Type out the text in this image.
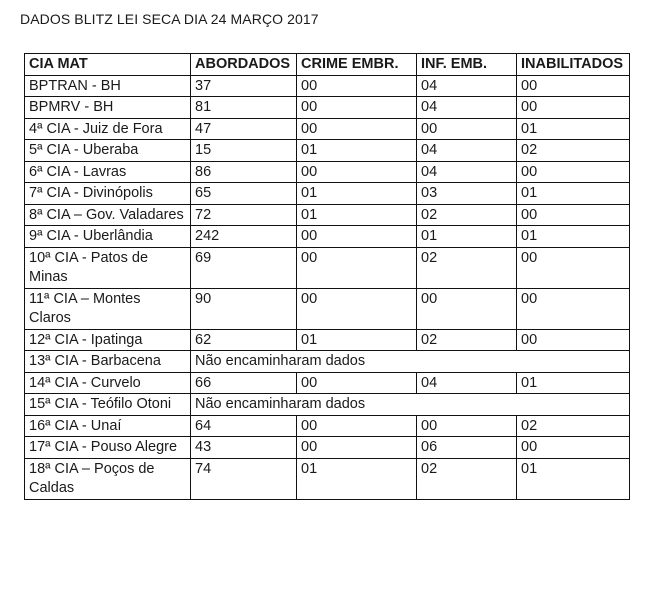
DADOS BLITZ LEI SECA DIA 24 MARÇO 2017
CIA MAT	ABORDADOS	CRIME EMBR.	INF. EMB.	INABILITADOS
BPTRAN - BH	37	00	04	00
BPMRV - BH	81	00	04	00
4ª CIA - Juiz de Fora	47	00	00	01
5ª CIA - Uberaba	15	01	04	02
6ª CIA - Lavras	86	00	04	00
7ª CIA - Divinópolis	65	01	03	01
8ª CIA – Gov. Valadares	72	01	02	00
9ª CIA - Uberlândia	242	00	01	01
10ª CIA - Patos de Minas	69	00	02	00
11ª CIA – Montes Claros	90	00	00	00
12ª CIA - Ipatinga	62	01	02	00
13ª CIA - Barbacena	Não encaminharam dados			
14ª CIA - Curvelo	66	00	04	01
15ª CIA - Teófilo Otoni	Não encaminharam dados			
16ª CIA - Unaí	64	00	00	02
17ª CIA - Pouso Alegre	43	00	06	00
18ª CIA – Poços de Caldas	74	01	02	01
